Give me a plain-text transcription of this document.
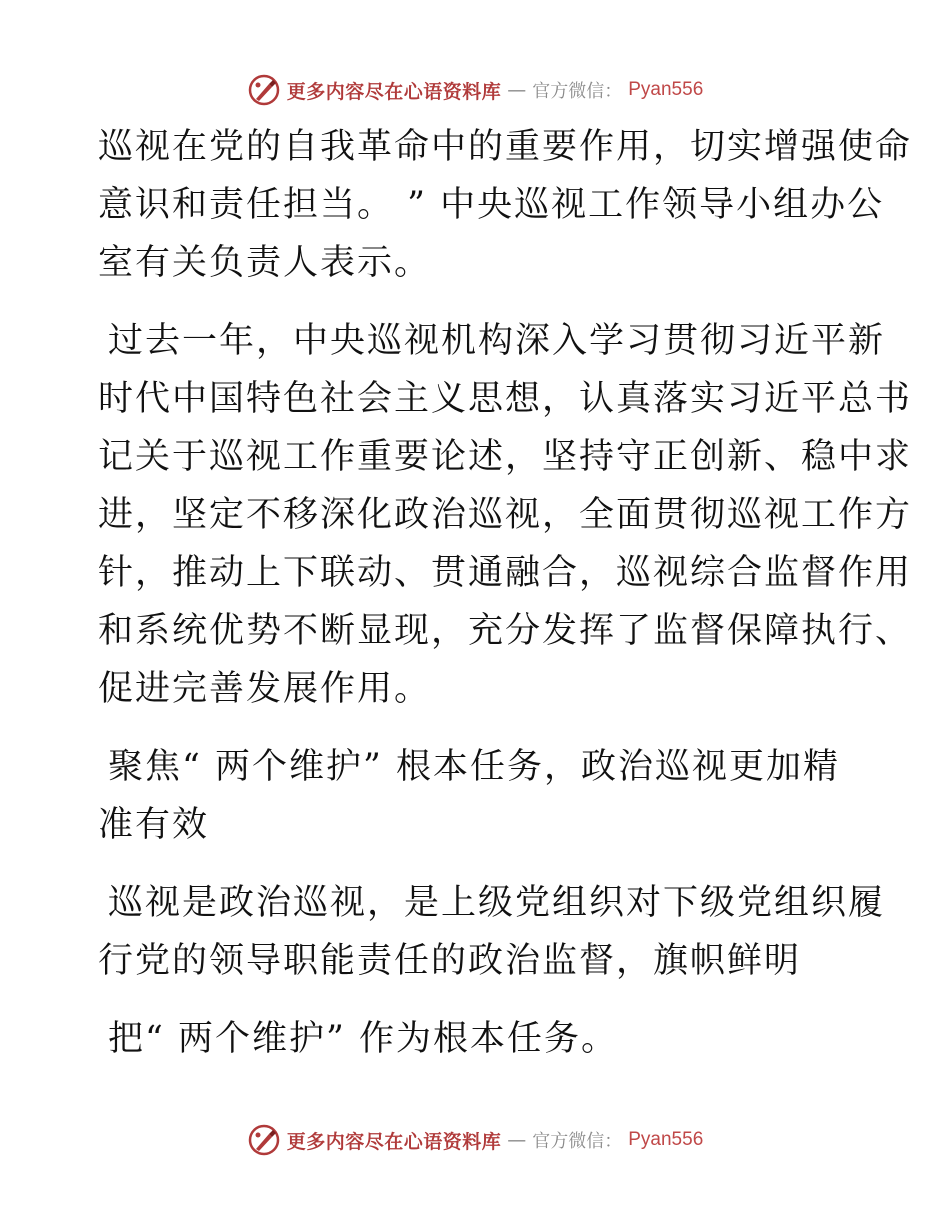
更多内容尽在心语资料库 — 官方微信： Pyan556
巡视在党的自我革命中的重要作用，切实增强使命
意识和责任担当。 ” 中央巡视工作领导小组办公
室有关负责人表示。
过去一年，中央巡视机构深入学习贯彻习近平新
时代中国特色社会主义思想，认真落实习近平总书
记关于巡视工作重要论述，坚持守正创新、稳中求
进，坚定不移深化政治巡视，全面贯彻巡视工作方
针，推动上下联动、贯通融合，巡视综合监督作用
和系统优势不断显现，充分发挥了监督保障执行、
促进完善发展作用。
聚焦“ 两个维护” 根本任务，政治巡视更加精
准有效
巡视是政治巡视，是上级党组织对下级党组织履
行党的领导职能责任的政治监督，旗帜鲜明
把“ 两个维护” 作为根本任务。
更多内容尽在心语资料库 — 官方微信： Pyan556
